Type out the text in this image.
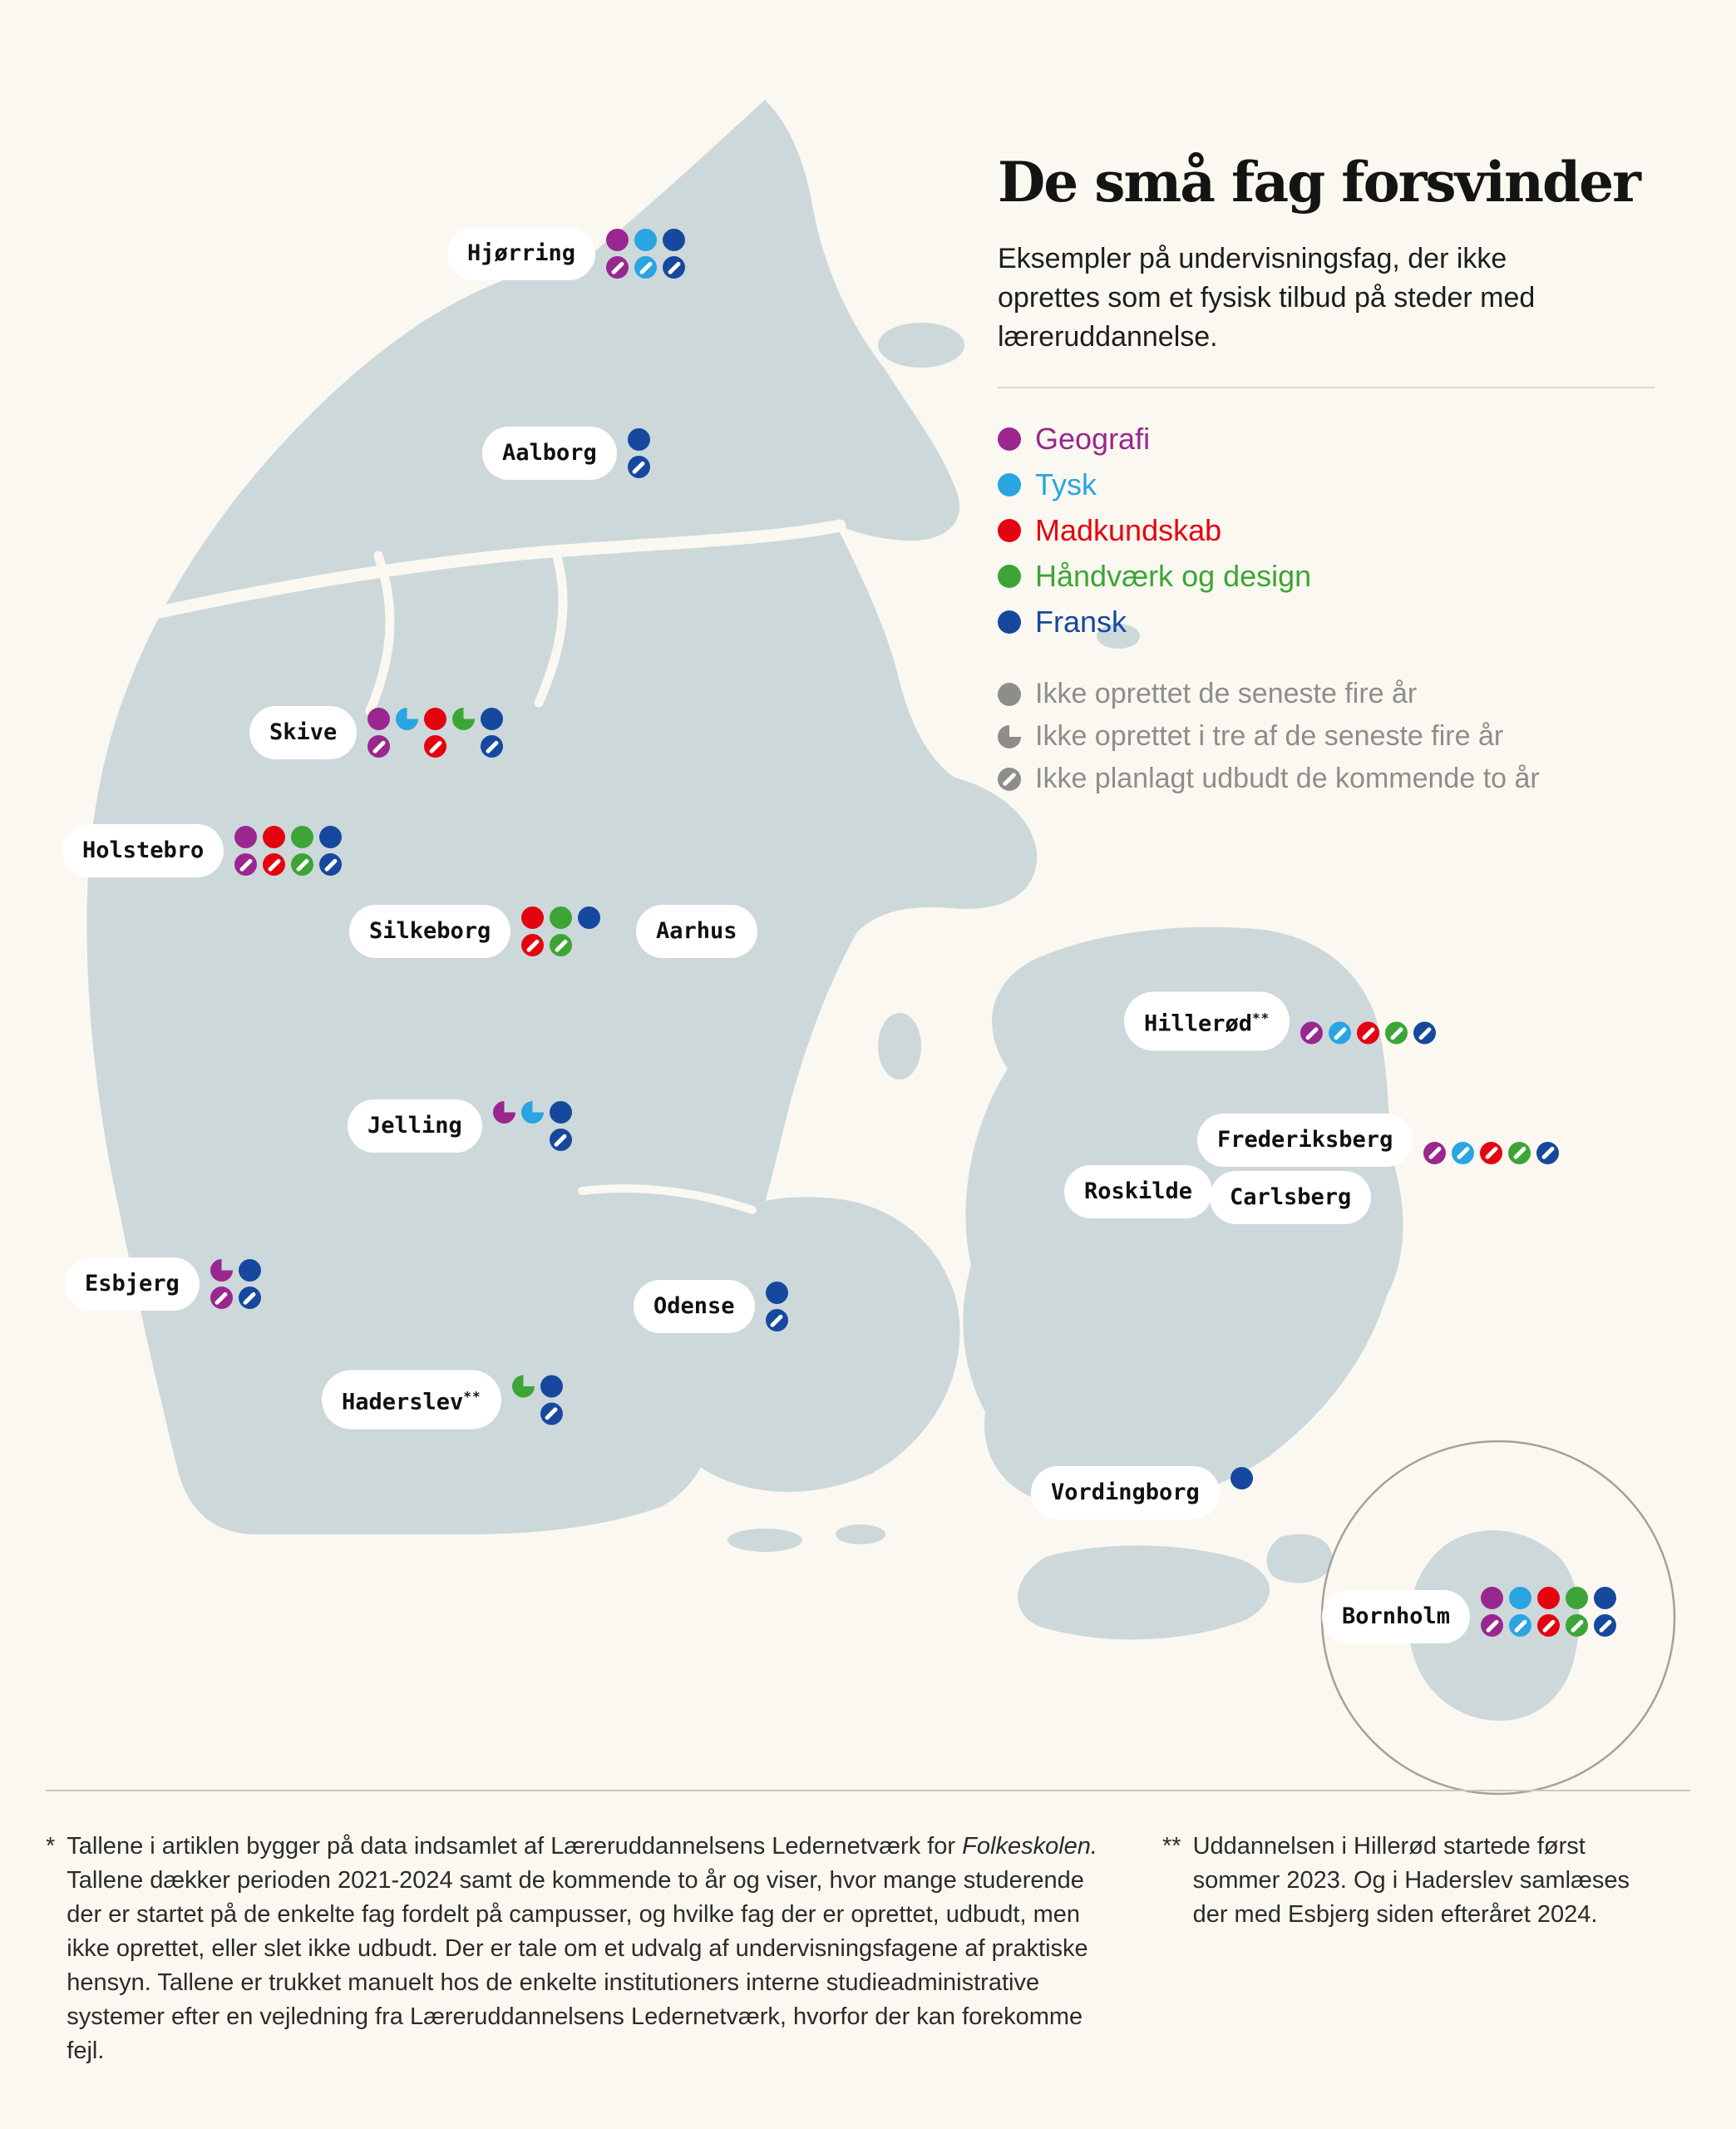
De små fag forsvinder

Eksempler på undervisningsfag, der ikke oprettes som et fysisk tilbud på steder med læreruddannelse.

Geografi
Tysk
Madkundskab
Håndværk og design
Fransk
Ikke oprettet de seneste fire år
Ikke oprettet i tre af de seneste fire år
Ikke planlagt udbudt de kommende to år
Hjørring
Aalborg
Skive
Holstebro
Silkeborg	Aarhus
Jelling
Esbjerg
Haderslev**
Odense
Hillerød**
Roskilde
Frederiksberg
Carlsberg
Vordingborg
Bornholm
* Tallene i artiklen bygger på data indsamlet af Læreruddannelsens Ledernetværk for Folkeskolen. Tallene dækker perioden 2021-2024 samt de kommende to år og viser, hvor mange studerende der er startet på de enkelte fag fordelt på campusser, og hvilke fag der er oprettet, udbudt, men ikke oprettet, eller slet ikke udbudt. Der er tale om et udvalg af undervisningsfagene af praktiske hensyn. Tallene er trukket manuelt hos de enkelte institutioners interne studieadministrative systemer efter en vejledning fra Læreruddannelsens Ledernetværk, hvorfor der kan forekomme fejl.

** Uddannelsen i Hillerød startede først sommer 2023. Og i Haderslev samlæses der med Esbjerg siden efteråret 2024.
